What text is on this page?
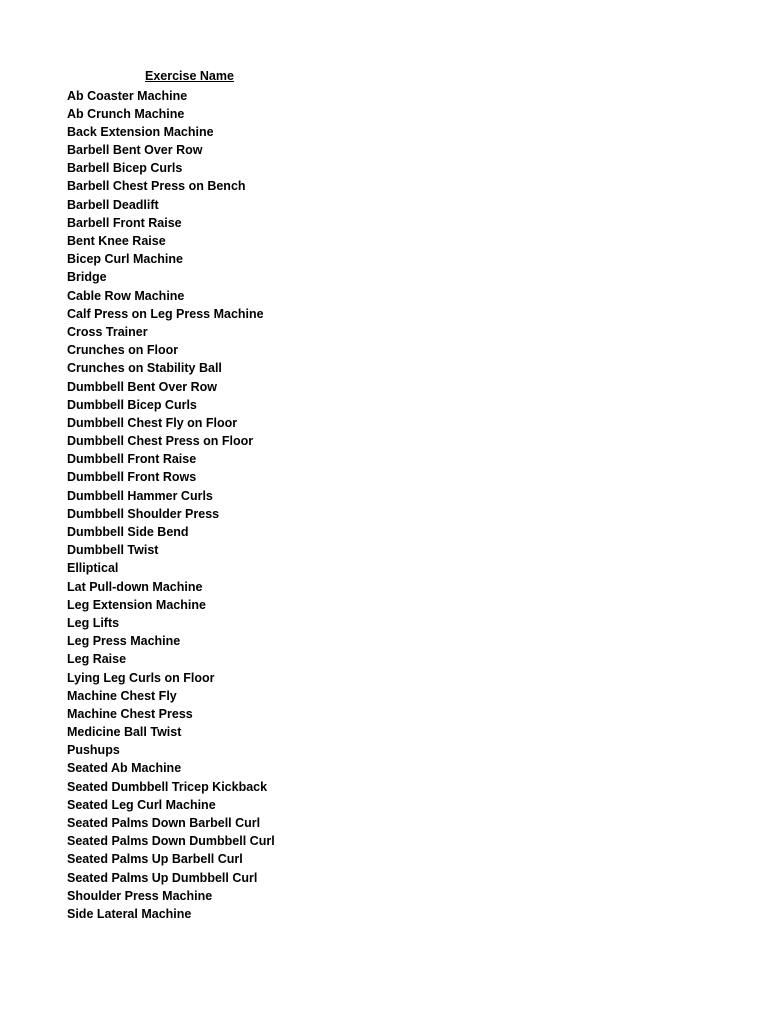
Exercise Name
Ab Coaster Machine
Ab Crunch Machine
Back Extension Machine
Barbell Bent Over Row
Barbell Bicep Curls
Barbell Chest Press on Bench
Barbell Deadlift
Barbell Front Raise
Bent Knee Raise
Bicep Curl Machine
Bridge
Cable Row Machine
Calf Press on Leg Press Machine
Cross Trainer
Crunches on Floor
Crunches on Stability Ball
Dumbbell Bent Over Row
Dumbbell Bicep Curls
Dumbbell Chest Fly on Floor
Dumbbell Chest Press on Floor
Dumbbell Front Raise
Dumbbell Front Rows
Dumbbell Hammer Curls
Dumbbell Shoulder Press
Dumbbell Side Bend
Dumbbell Twist
Elliptical
Lat Pull-down Machine
Leg Extension Machine
Leg Lifts
Leg Press Machine
Leg Raise
Lying Leg Curls on Floor
Machine Chest Fly
Machine Chest Press
Medicine Ball Twist
Pushups
Seated Ab Machine
Seated Dumbbell Tricep Kickback
Seated Leg Curl Machine
Seated Palms Down Barbell Curl
Seated Palms Down Dumbbell Curl
Seated Palms Up Barbell Curl
Seated Palms Up Dumbbell Curl
Shoulder Press Machine
Side Lateral Machine
